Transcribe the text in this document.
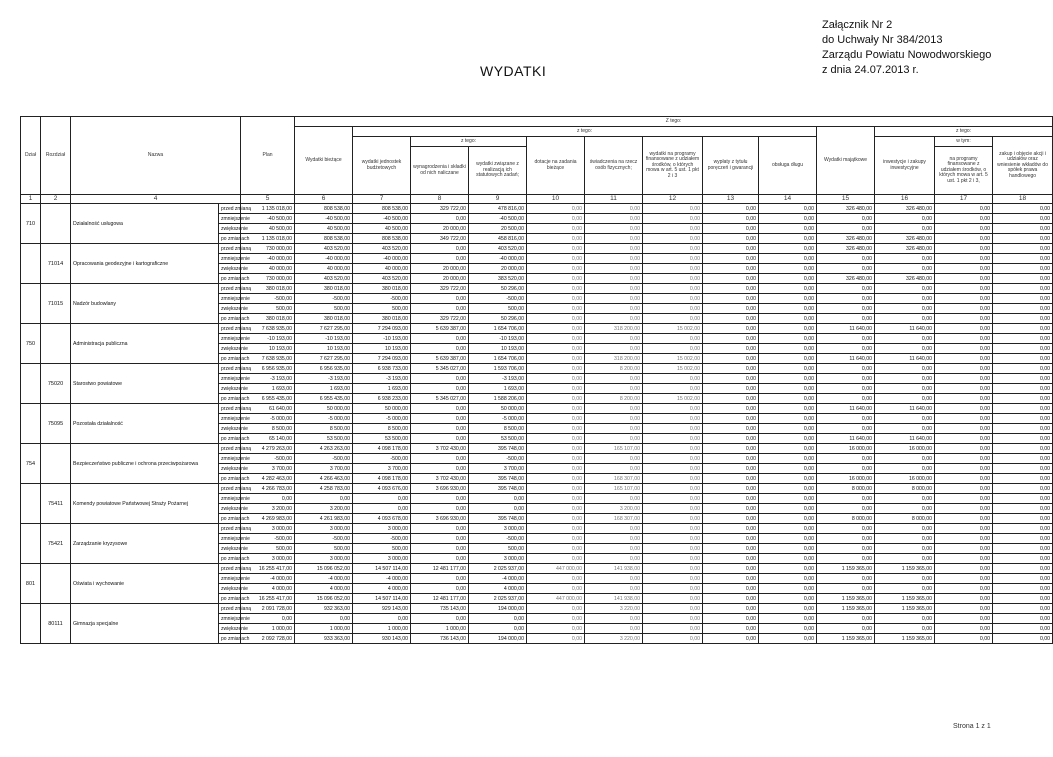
Załącznik Nr 2
do Uchwały Nr 384/2013
Zarządu Powiatu Nowodworskiego
z dnia 24.07.2013 r.
WYDATKI
Dział	Rozdział	Nazwa		Plan	Z tego:												
					Wydatki bieżące	z tego:								Wydatki majątkowe	z tego:		
						wydatki jednostek budżetowych	z tego:		dotacje na zadania bieżące	świadczenia na rzecz osób fizycznych;	wydatki na programy finansowane z udziałem środków, o których mowa w art. 5 ust. 1 pkt 2 i 3	wypłaty z tytułu poręczeń i gwarancji	obsługa długu		inwestycje i zakupy inwestycyjne	w tym:	zakup i objęcie akcji i udziałów oraz wniesienie wkładów do spółek prawa handlowego
							wynagrodzenia i składki od nich naliczane	wydatki związane z realizacją ich statutowych zadań;								na programy finansowane z udziałem środków, o których mowa w art. 5 ust. 1 pkt 2 i 3,	
1	2	4		5	6	7	8	9	10	11	12	13	14	15	16	17	18
710		Działalność usługowa	przed zmianą	1 135 018,00	808 538,00	808 538,00	329 722,00	478 816,00	0,00	0,00	0,00	0,00	0,00	326 480,00	326 480,00	0,00	0,00
			zmniejszenie	-40 500,00	-40 500,00	-40 500,00	0,00	-40 500,00	0,00	0,00	0,00	0,00	0,00	0,00	0,00	0,00	0,00
			zwiększenie	40 500,00	40 500,00	40 500,00	20 000,00	20 500,00	0,00	0,00	0,00	0,00	0,00	0,00	0,00	0,00	0,00
			po zmianach	1 135 018,00	808 538,00	808 538,00	349 722,00	458 816,00	0,00	0,00	0,00	0,00	0,00	326 480,00	326 480,00	0,00	0,00
	71014	Opracowania geodezyjne i kartograficzne	przed zmianą	730 000,00	403 520,00	403 520,00	0,00	403 520,00	0,00	0,00	0,00	0,00	0,00	326 480,00	326 480,00	0,00	0,00
			zmniejszenie	-40 000,00	-40 000,00	-40 000,00	0,00	-40 000,00	0,00	0,00	0,00	0,00	0,00	0,00	0,00	0,00	0,00
			zwiększenie	40 000,00	40 000,00	40 000,00	20 000,00	20 000,00	0,00	0,00	0,00	0,00	0,00	0,00	0,00	0,00	0,00
			po zmianach	730 000,00	403 520,00	403 520,00	20 000,00	383 520,00	0,00	0,00	0,00	0,00	0,00	326 480,00	326 480,00	0,00	0,00
	71015	Nadzór budowlany	przed zmianą	380 018,00	380 018,00	380 018,00	329 722,00	50 296,00	0,00	0,00	0,00	0,00	0,00	0,00	0,00	0,00	0,00
			zmniejszenie	-500,00	-500,00	-500,00	0,00	-500,00	0,00	0,00	0,00	0,00	0,00	0,00	0,00	0,00	0,00
			zwiększenie	500,00	500,00	500,00	0,00	500,00	0,00	0,00	0,00	0,00	0,00	0,00	0,00	0,00	0,00
			po zmianach	380 018,00	380 018,00	380 018,00	329 722,00	50 296,00	0,00	0,00	0,00	0,00	0,00	0,00	0,00	0,00	0,00
750		Administracja publiczna	przed zmianą	7 638 935,00	7 627 295,00	7 294 093,00	5 639 387,00	1 654 706,00	0,00	318 200,00	15 002,00	0,00	0,00	11 640,00	11 640,00	0,00	0,00
			zmniejszenie	-10 193,00	-10 193,00	-10 193,00	0,00	-10 193,00	0,00	0,00	0,00	0,00	0,00	0,00	0,00	0,00	0,00
			zwiększenie	10 193,00	10 193,00	10 193,00	0,00	10 193,00	0,00	0,00	0,00	0,00	0,00	0,00	0,00	0,00	0,00
			po zmianach	7 638 935,00	7 627 295,00	7 294 093,00	5 639 387,00	1 654 706,00	0,00	318 200,00	15 002,00	0,00	0,00	11 640,00	11 640,00	0,00	0,00
	75020	Starostwo powiatowe	przed zmianą	6 956 935,00	6 956 935,00	6 938 733,00	5 345 027,00	1 593 706,00	0,00	8 200,00	15 002,00	0,00	0,00	0,00	0,00	0,00	0,00
			zmniejszenie	-3 193,00	-3 193,00	-3 193,00	0,00	-3 193,00	0,00	0,00	0,00	0,00	0,00	0,00	0,00	0,00	0,00
			zwiększenie	1 693,00	1 693,00	1 693,00	0,00	1 693,00	0,00	0,00	0,00	0,00	0,00	0,00	0,00	0,00	0,00
			po zmianach	6 955 435,00	6 955 435,00	6 938 233,00	5 345 027,00	1 588 206,00	0,00	8 200,00	15 002,00	0,00	0,00	0,00	0,00	0,00	0,00
	75095	Pozostała działalność	przed zmianą	61 640,00	50 000,00	50 000,00	0,00	50 000,00	0,00	0,00	0,00	0,00	0,00	11 640,00	11 640,00	0,00	0,00
			zmniejszenie	-5 000,00	-5 000,00	-5 000,00	0,00	-5 000,00	0,00	0,00	0,00	0,00	0,00	0,00	0,00	0,00	0,00
			zwiększenie	8 500,00	8 500,00	8 500,00	0,00	8 500,00	0,00	0,00	0,00	0,00	0,00	0,00	0,00	0,00	0,00
			po zmianach	65 140,00	53 500,00	53 500,00	0,00	53 500,00	0,00	0,00	0,00	0,00	0,00	11 640,00	11 640,00	0,00	0,00
754		Bezpieczeństwo publiczne i ochrona przeciwpożarowa	przed zmianą	4 279 263,00	4 263 263,00	4 098 178,00	3 702 430,00	395 748,00	0,00	165 107,00	0,00	0,00	0,00	16 000,00	16 000,00	0,00	0,00
			zmniejszenie	-500,00	-500,00	-500,00	0,00	-500,00	0,00	0,00	0,00	0,00	0,00	0,00	0,00	0,00	0,00
			zwiększenie	3 700,00	3 700,00	3 700,00	0,00	3 700,00	0,00	0,00	0,00	0,00	0,00	0,00	0,00	0,00	0,00
			po zmianach	4 282 463,00	4 266 463,00	4 098 178,00	3 702 430,00	395 748,00	0,00	168 307,00	0,00	0,00	0,00	16 000,00	16 000,00	0,00	0,00
	75411	Komendy powiatowe Państwowej Straży Pożarnej	przed zmianą	4 266 783,00	4 258 783,00	4 093 676,00	3 696 930,00	395 748,00	0,00	165 107,00	0,00	0,00	0,00	8 000,00	8 000,00	0,00	0,00
			zmniejszenie	0,00	0,00	0,00	0,00	0,00	0,00	0,00	0,00	0,00	0,00	0,00	0,00	0,00	0,00
			zwiększenie	3 200,00	3 200,00	0,00	0,00	0,00	0,00	3 200,00	0,00	0,00	0,00	0,00	0,00	0,00	0,00
			po zmianach	4 269 983,00	4 261 983,00	4 093 678,00	3 696 930,00	395 748,00	0,00	168 307,00	0,00	0,00	0,00	8 000,00	8 000,00	0,00	0,00
	75421	Zarządzanie kryzysowe	przed zmianą	3 000,00	3 000,00	3 000,00	0,00	3 000,00	0,00	0,00	0,00	0,00	0,00	0,00	0,00	0,00	0,00
			zmniejszenie	-500,00	-500,00	-500,00	0,00	-500,00	0,00	0,00	0,00	0,00	0,00	0,00	0,00	0,00	0,00
			zwiększenie	500,00	500,00	500,00	0,00	500,00	0,00	0,00	0,00	0,00	0,00	0,00	0,00	0,00	0,00
			po zmianach	3 000,00	3 000,00	3 000,00	0,00	3 000,00	0,00	0,00	0,00	0,00	0,00	0,00	0,00	0,00	0,00
801		Oświata i wychowanie	przed zmianą	16 255 417,00	15 096 052,00	14 507 114,00	12 481 177,00	2 025 937,00	447 000,00	141 938,00	0,00	0,00	0,00	1 159 365,00	1 159 365,00	0,00	0,00
			zmniejszenie	-4 000,00	-4 000,00	-4 000,00	0,00	-4 000,00	0,00	0,00	0,00	0,00	0,00	0,00	0,00	0,00	0,00
			zwiększenie	4 000,00	4 000,00	4 000,00	0,00	4 000,00	0,00	0,00	0,00	0,00	0,00	0,00	0,00	0,00	0,00
			po zmianach	16 255 417,00	15 096 052,00	14 507 114,00	12 481 177,00	2 025 937,00	447 000,00	141 938,00	0,00	0,00	0,00	1 159 365,00	1 159 365,00	0,00	0,00
	80111	Gimnazja specjalne	przed zmianą	2 091 728,00	932 363,00	929 143,00	735 143,00	194 000,00	0,00	3 220,00	0,00	0,00	0,00	1 159 365,00	1 159 365,00	0,00	0,00
			zmniejszenie	0,00	0,00	0,00	0,00	0,00	0,00	0,00	0,00	0,00	0,00	0,00	0,00	0,00	0,00
			zwiększenie	1 000,00	1 000,00	1 000,00	1 000,00	0,00	0,00	0,00	0,00	0,00	0,00	0,00	0,00	0,00	0,00
			po zmianach	2 092 728,00	933 363,00	930 143,00	736 143,00	194 000,00	0,00	3 220,00	0,00	0,00	0,00	1 159 365,00	1 159 365,00	0,00	0,00
Strona 1 z 1
